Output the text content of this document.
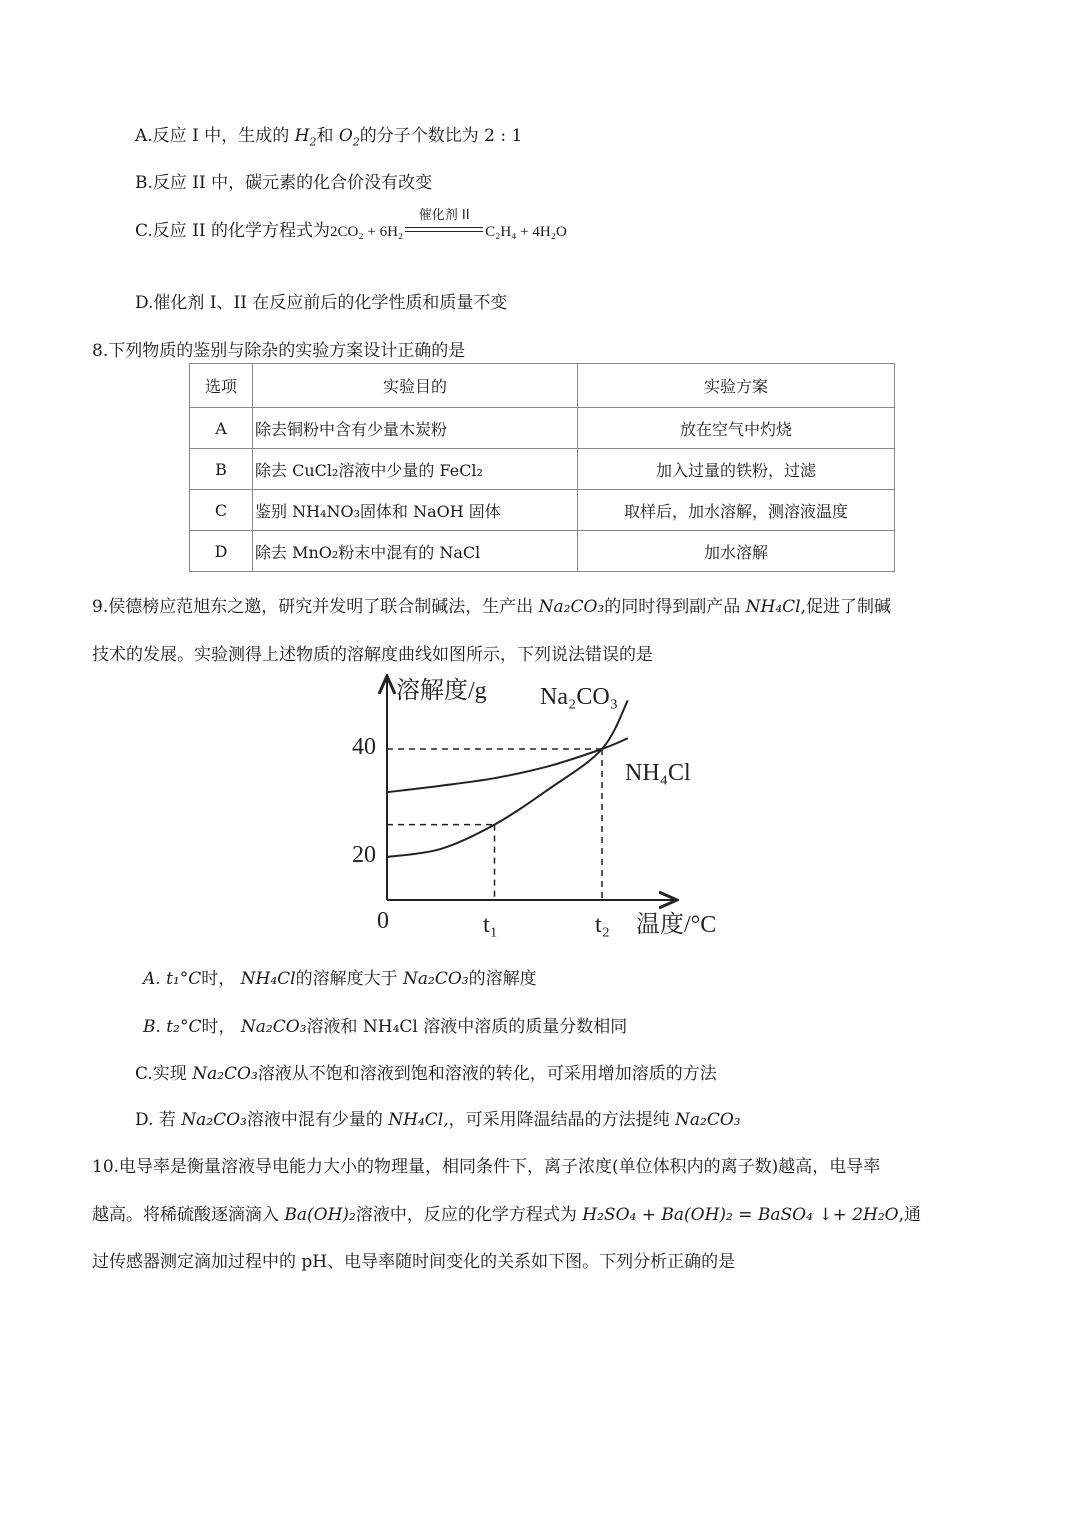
A.反应 I 中，生成的 $H_2$和 $O_2$的分子个数比为 2 : 1
B.反应 II 中，碳元素的化合价没有改变
C.反应 II 的化学方程式为2CO₂ + 6H₂
催化剂 II
C₂H₄ + 4H₂O
D.催化剂 I、II 在反应前后的化学性质和质量不变
8.下列物质的鉴别与除杂的实验方案设计正确的是
选项	实验目的	实验方案
A	除去铜粉中含有少量木炭粉	放在空气中灼烧
B	除去 CuCl₂溶液中少量的 FeCl₂	加入过量的铁粉，过滤
C	鉴别 NH₄NO₃固体和 NaOH 固体	取样后，加水溶解，测溶液温度
D	除去 MnO₂粉末中混有的 NaCl	加水溶解
9.侯德榜应范旭东之邀，研究并发明了联合制碱法，生产出 Na₂CO₃的同时得到副产品 NH₄Cl,促进了制碱
技术的发展。实验测得上述物质的溶解度曲线如图所示，下列说法错误的是
溶解度/g
温度/°C
40
20
0	t₁	t₂
Na₂CO₃
NH₄Cl
A. t₁°C时， NH₄Cl的溶解度大于 Na₂CO₃的溶解度
B. t₂°C时， Na₂CO₃溶液和 NH₄Cl 溶液中溶质的质量分数相同
C.实现 Na₂CO₃溶液从不饱和溶液到饱和溶液的转化，可采用增加溶质的方法
D. 若 Na₂CO₃溶液中混有少量的 NH₄Cl,，可采用降温结晶的方法提纯 Na₂CO₃
10.电导率是衡量溶液导电能力大小的物理量，相同条件下，离子浓度(单位体积内的离子数)越高，电导率
越高。将稀硫酸逐滴滴入 Ba(OH)₂溶液中，反应的化学方程式为 H₂SO₄ + Ba(OH)₂ = BaSO₄ ↓+ 2H₂O,通
过传感器测定滴加过程中的 pH、电导率随时间变化的关系如下图。下列分析正确的是
